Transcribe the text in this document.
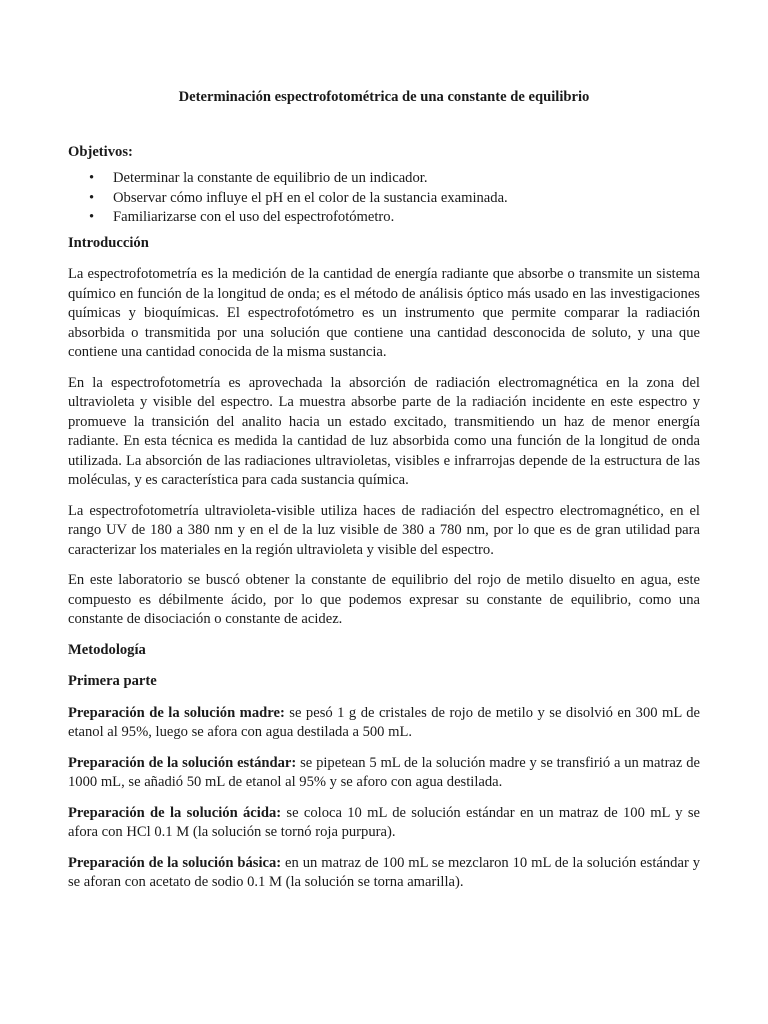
Determinación espectrofotométrica de una constante de equilibrio
Objetivos:
• Determinar la constante de equilibrio de un indicador.
• Observar cómo influye el pH en el color de la sustancia examinada.
• Familiarizarse con el uso del espectrofotómetro.
Introducción

La espectrofotometría es la medición de la cantidad de energía radiante que absorbe o transmite un sistema químico en función de la longitud de onda; es el método de análisis óptico más usado en las investigaciones químicas y bioquímicas. El espectrofotómetro es un instrumento que permite comparar la radiación absorbida o transmitida por una solución que contiene una cantidad desconocida de soluto, y una que contiene una cantidad conocida de la misma sustancia.

En la espectrofotometría es aprovechada la absorción de radiación electromagnética en la zona del ultravioleta y visible del espectro. La muestra absorbe parte de la radiación incidente en este espectro y promueve la transición del analito hacia un estado excitado, transmitiendo un haz de menor energía radiante. En esta técnica es medida la cantidad de luz absorbida como una función de la longitud de onda utilizada. La absorción de las radiaciones ultravioletas, visibles e infrarrojas depende de la estructura de las moléculas, y es característica para cada sustancia química.

La espectrofotometría ultravioleta-visible utiliza haces de radiación del espectro electromagnético, en el rango UV de 180 a 380 nm y en el de la luz visible de 380 a 780 nm, por lo que es de gran utilidad para caracterizar los materiales en la región ultravioleta y visible del espectro.

En este laboratorio se buscó obtener la constante de equilibrio del rojo de metilo disuelto en agua, este compuesto es débilmente ácido, por lo que podemos expresar su constante de equilibrio, como una constante de disociación o constante de acidez.

Metodología
Primera parte

Preparación de la solución madre: se pesó 1 g de cristales de rojo de metilo y se disolvió en 300 mL de etanol al 95%, luego se afora con agua destilada a 500 mL.

Preparación de la solución estándar: se pipetean 5 mL de la solución madre y se transfirió a un matraz de 1000 mL, se añadió 50 mL de etanol al 95% y se aforo con agua destilada.

Preparación de la solución ácida: se coloca 10 mL de solución estándar en un matraz de 100 mL y se afora con HCl 0.1 M (la solución se tornó roja purpura).

Preparación de la solución básica: en un matraz de 100 mL se mezclaron 10 mL de la solución estándar y se aforan con acetato de sodio 0.1 M (la solución se torna amarilla).
